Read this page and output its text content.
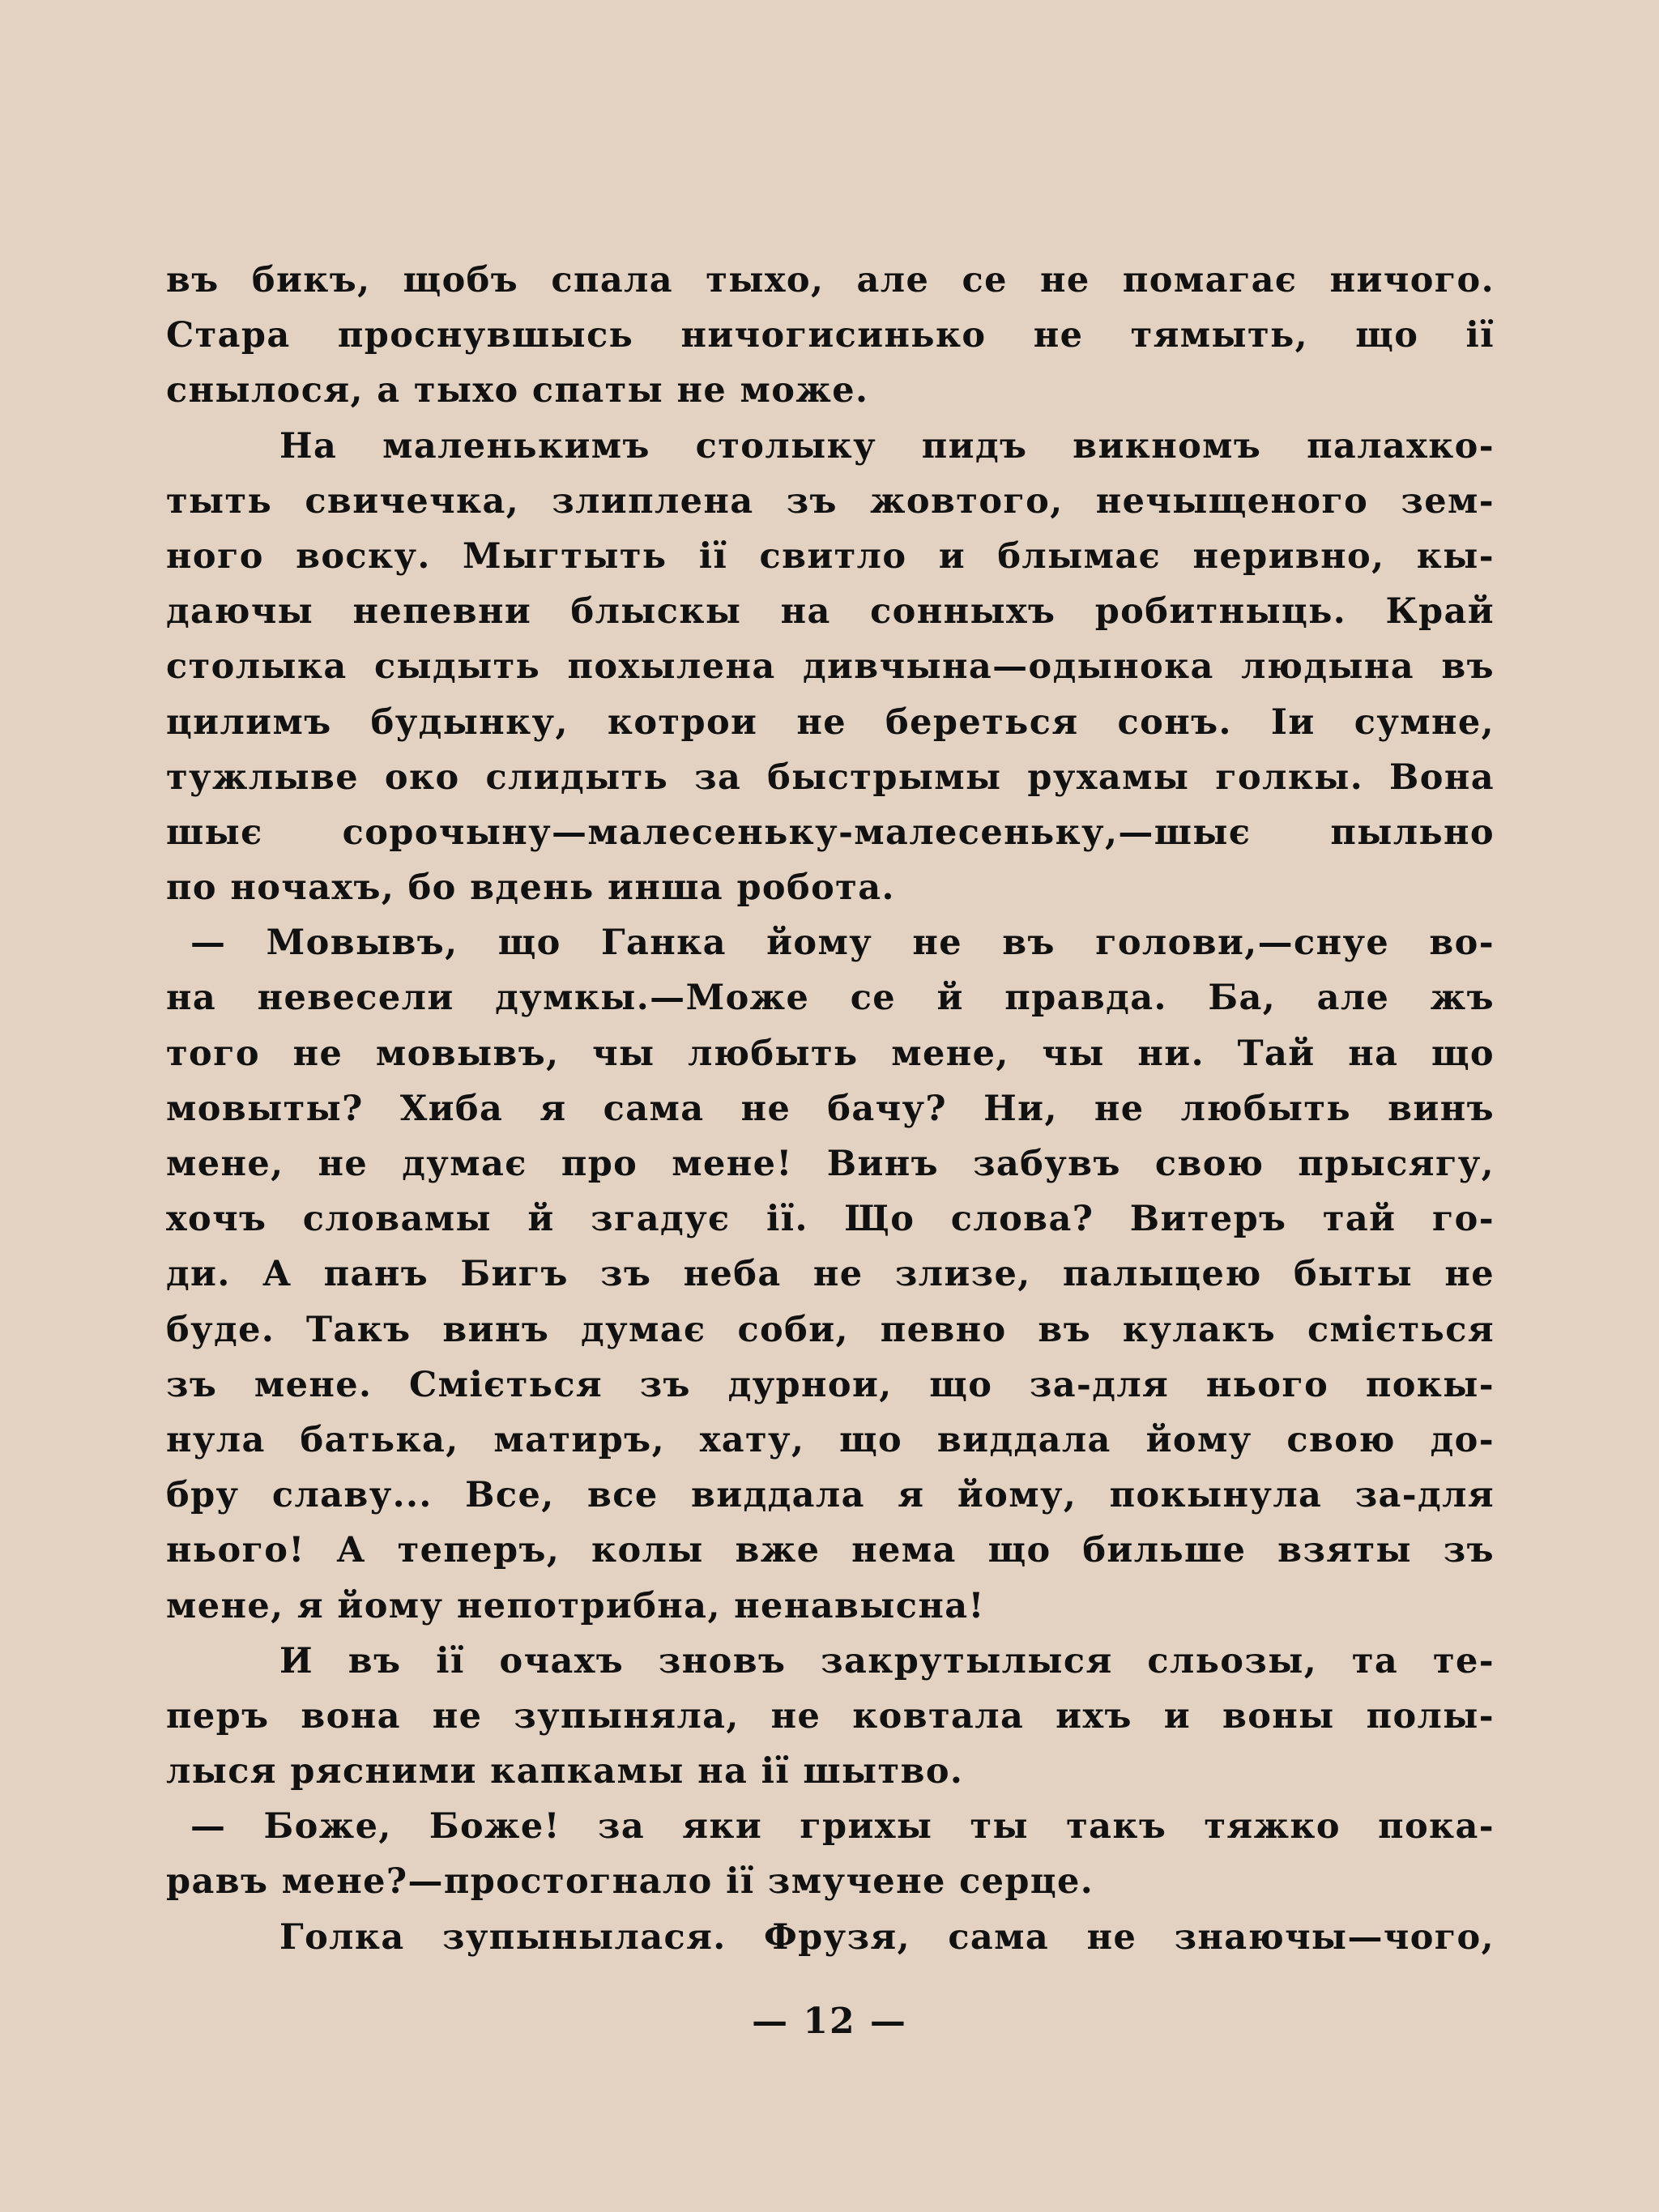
въ бикъ, щобъ спала тыхо, але се не помагає ничого.
Стара проснувшысь ничогисинько не тямыть, що ії
снылося, а тыхо спаты не може.
На маленькимъ столыку пидъ викномъ палахко-
тыть свичечка, злиплена зъ жовтого, нечыщеного зем-
ного воску. Мыгтыть ії свитло и блымає неривно, кы-
даючы непевни блыскы на сонныхъ робитныць. Край
столыка сыдыть похылена дивчына—одынока людына въ
цилимъ будынку, котрои не береться сонъ. Іи сумне,
тужлыве око слидыть за быстрымы рухамы голкы. Вона
шыє сорочыну—малесеньку-малесеньку,—шыє пыльно
по ночахъ, бо вдень инша робота.
— Мовывъ, що Ганка йому не въ голови,—снуе во-
на невесели думкы.—Може се й правда. Ба, але жъ
того не мовывъ, чы любыть мене, чы ни. Тай на що
мовыты? Хиба я сама не бачу? Ни, не любыть винъ
мене, не думає про мене! Винъ забувъ свою прысягу,
хочъ словамы й згадує ії. Що слова? Витеръ тай го-
ди. А панъ Бигъ зъ неба не злизе, палыцею быты не
буде. Такъ винъ думає соби, певно въ кулакъ сміється
зъ мене. Сміється зъ дурнои, що за-для нього покы-
нула батька, матиръ, хату, що виддала йому свою до-
бру славу... Все, все виддала я йому, покынула за-для
нього! А теперъ, колы вже нема що бильше взяты зъ
мене, я йому непотрибна, ненавысна!
И въ ії очахъ зновъ закрутылыся сльозы, та те-
перъ вона не зупыняла, не ковтала ихъ и воны полы-
лыся рясними капкамы на ії шытво.
— Боже, Боже! за яки грихы ты такъ тяжко пока-
равъ мене?—простогнало ії змучене серце.
Голка зупынылася. Фрузя, сама не знаючы—чого,
— 12 —
